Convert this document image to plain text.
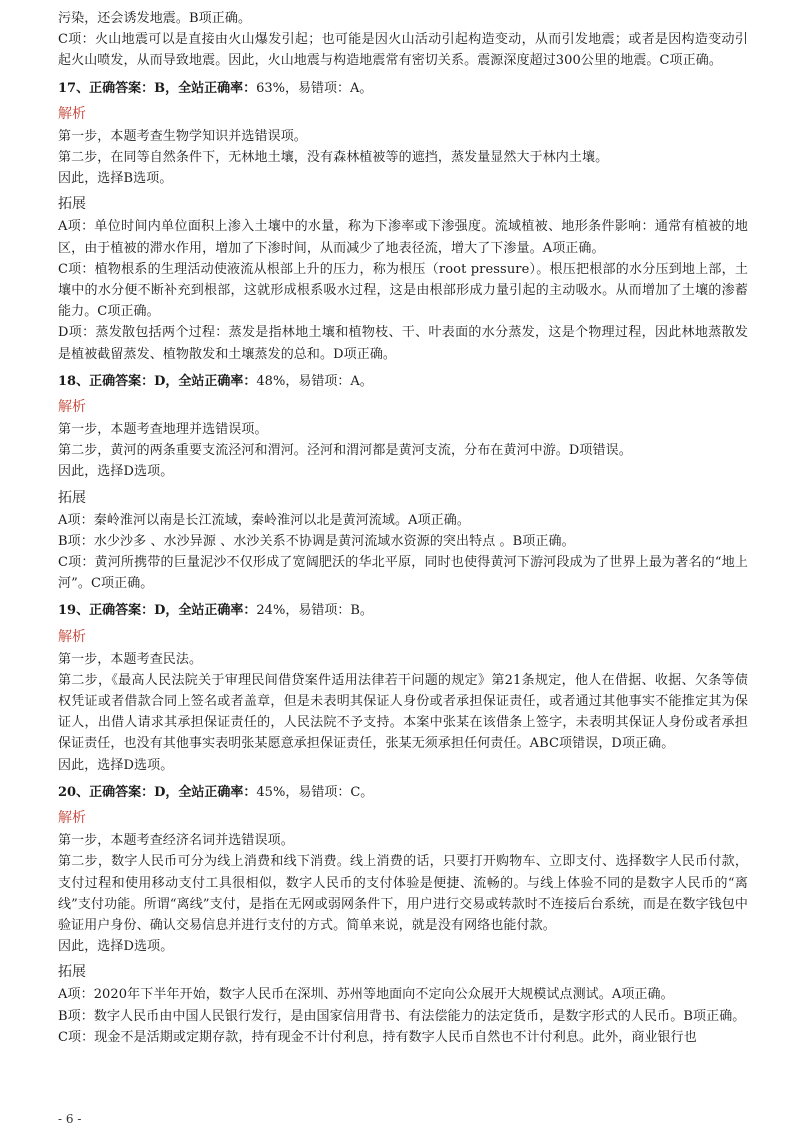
污染，还会诱发地震。B项正确。

C项：火山地震可以是直接由火山爆发引起；也可能是因火山活动引起构造变动，从而引发地震；或者是因构造变动引起火山喷发，从而导致地震。因此，火山地震与构造地震常有密切关系。震源深度超过300公里的地震。C项正确。

17、正确答案：B，全站正确率：63%，易错项：A。
解析

第一步，本题考查生物学知识并选错误项。

第二步，在同等自然条件下，无林地土壤，没有森林植被等的遮挡，蒸发量显然大于林内土壤。

因此，选择B选项。

拓展

A项：单位时间内单位面积上渗入土壤中的水量，称为下渗率或下渗强度。流域植被、地形条件影响：通常有植被的地区，由于植被的滞水作用，增加了下渗时间，从而减少了地表径流，增大了下渗量。A项正确。

C项：植物根系的生理活动使液流从根部上升的压力，称为根压（root pressure）。根压把根部的水分压到地上部，土壤中的水分便不断补充到根部，这就形成根系吸水过程，这是由根部形成力量引起的主动吸水。从而增加了土壤的渗蓄能力。C项正确。

D项：蒸发散包括两个过程：蒸发是指林地土壤和植物枝、干、叶表面的水分蒸发，这是个物理过程，因此林地蒸散发是植被截留蒸发、植物散发和土壤蒸发的总和。D项正确。

18、正确答案：D，全站正确率：48%，易错项：A。
解析

第一步，本题考查地理并选错误项。

第二步，黄河的两条重要支流泾河和渭河。泾河和渭河都是黄河支流，分布在黄河中游。D项错误。

因此，选择D选项。

拓展

A项：秦岭淮河以南是长江流域，秦岭淮河以北是黄河流域。A项正确。

B项：水少沙多 、水沙异源 、水沙关系不协调是黄河流域水资源的突出特点 。B项正确。

C项：黄河所携带的巨量泥沙不仅形成了宽阔肥沃的华北平原，同时也使得黄河下游河段成为了世界上最为著名的“地上河”。C项正确。

19、正确答案：D，全站正确率：24%，易错项：B。
解析

第一步，本题考查民法。

第二步，《最高人民法院关于审理民间借贷案件适用法律若干问题的规定》第21条规定，他人在借据、收据、欠条等债权凭证或者借款合同上签名或者盖章，但是未表明其保证人身份或者承担保证责任，或者通过其他事实不能推定其为保证人，出借人请求其承担保证责任的，人民法院不予支持。本案中张某在该借条上签字，未表明其保证人身份或者承担保证责任，也没有其他事实表明张某愿意承担保证责任，张某无须承担任何责任。ABC项错误，D项正确。

因此，选择D选项。

20、正确答案：D，全站正确率：45%，易错项：C。
解析

第一步，本题考查经济名词并选错误项。

第二步，数字人民币可分为线上消费和线下消费。线上消费的话，只要打开购物车、立即支付、选择数字人民币付款，支付过程和使用移动支付工具很相似，数字人民币的支付体验是便捷、流畅的。与线上体验不同的是数字人民币的“离线”支付功能。所谓“离线”支付，是指在无网或弱网条件下，用户进行交易或转款时不连接后台系统，而是在数字钱包中验证用户身份、确认交易信息并进行支付的方式。简单来说，就是没有网络也能付款。

因此，选择D选项。

拓展

A项：2020年下半年开始，数字人民币在深圳、苏州等地面向不定向公众展开大规模试点测试。A项正确。

B项：数字人民币由中国人民银行发行，是由国家信用背书、有法偿能力的法定货币，是数字形式的人民币。B项正确。

C项：现金不是活期或定期存款，持有现金不计付利息，持有数字人民币自然也不计付利息。此外，商业银行也

- 6 -
